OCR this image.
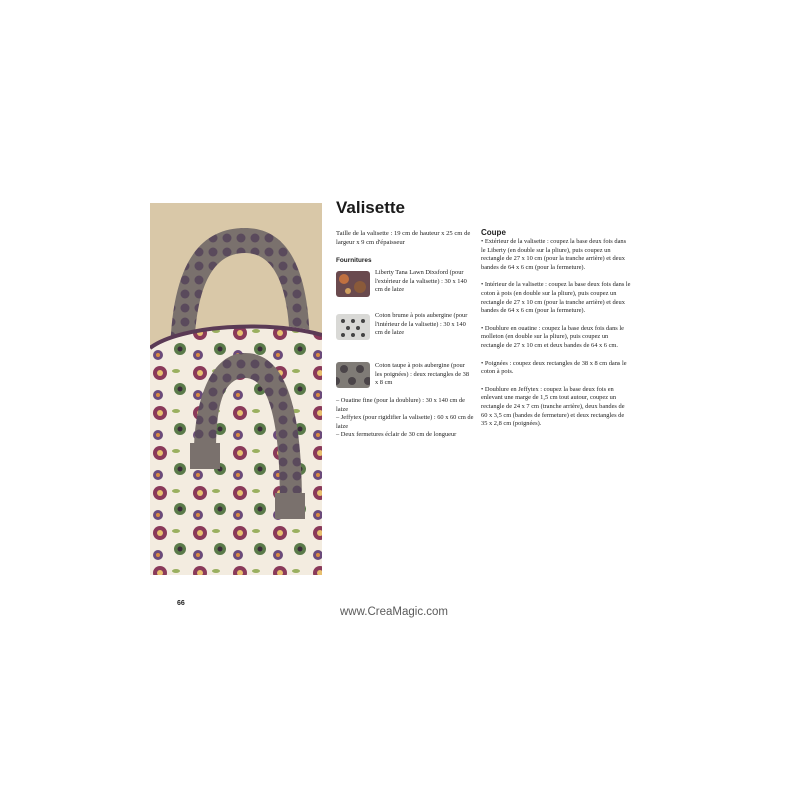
Valisette

Taille de la valisette : 19 cm de hauteur x 25 cm de largeur x 9 cm d'épaisseur

Fournitures

Liberty Tana Lawn Dixsford (pour l'extérieur de la valisette) : 30 x 140 cm de laize

Coton brume à pois aubergine (pour l'intérieur de la valisette) : 30 x 140 cm de laize

Coton taupe à pois aubergine (pour les poignées) : deux rectangles de 38 x 8 cm

– Ouatine fine (pour la doublure) : 30 x 140 cm de laize
– Jeffytex (pour rigidifier la valisette) : 60 x 60 cm de laize
– Deux fermetures éclair de 30 cm de longueur
Coupe
• Extérieur de la valisette : coupez la base deux fois dans le Liberty (en double sur la pliure), puis coupez un rectangle de 27 x 10 cm (pour la tranche arrière) et deux bandes de 64 x 6 cm (pour la fermeture).
• Intérieur de la valisette : coupez la base deux fois dans le coton à pois (en double sur la pliure), puis coupez un rectangle de 27 x 10 cm (pour la tranche arrière) et deux bandes de 64 x 6 cm (pour la fermeture).
• Doublure en ouatine : coupez la base deux fois dans le molleton (en double sur la pliure), puis coupez un rectangle de 27 x 10 cm et deux bandes de 64 x 6 cm.
• Poignées : coupez deux rectangles de 38 x 8 cm dans le coton à pois.
• Doublure en Jeffytex : coupez la base deux fois en enlevant une marge de 1,5 cm tout autour, coupez un rectangle de 24 x 7 cm (tranche arrière), deux bandes de 60 x 3,5 cm (bandes de fermeture) et deux rectangles de 35 x 2,8 cm (poignées).

66

www.CreaMagic.com
